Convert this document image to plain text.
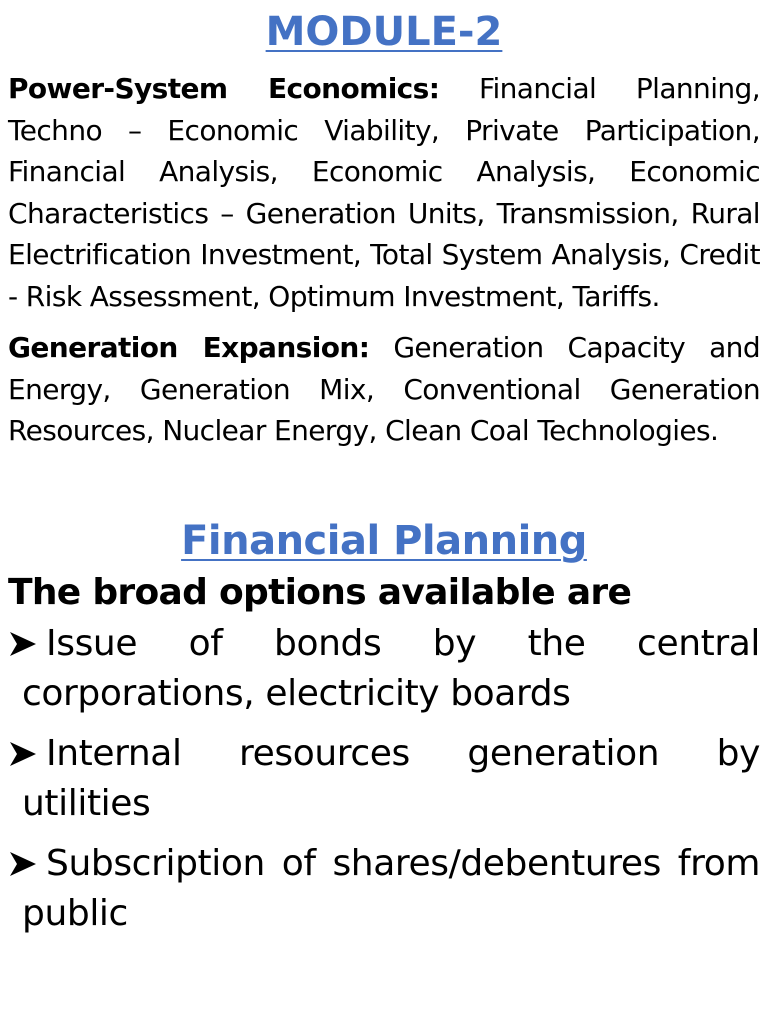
MODULE-2

Power-System Economics: Financial Planning, Techno – Economic Viability, Private Participation, Financial Analysis, Economic Analysis, Economic Characteristics – Generation Units, Transmission, Rural Electrification Investment, Total System Analysis, Credit - Risk Assessment, Optimum Investment, Tariffs.

Generation Expansion: Generation Capacity and Energy, Generation Mix, Conventional Generation Resources, Nuclear Energy, Clean Coal Technologies.

Financial Planning
The broad options available are
Issue of bonds by the central corporations, electricity boards
Internal resources generation by utilities
Subscription of shares/debentures from public
